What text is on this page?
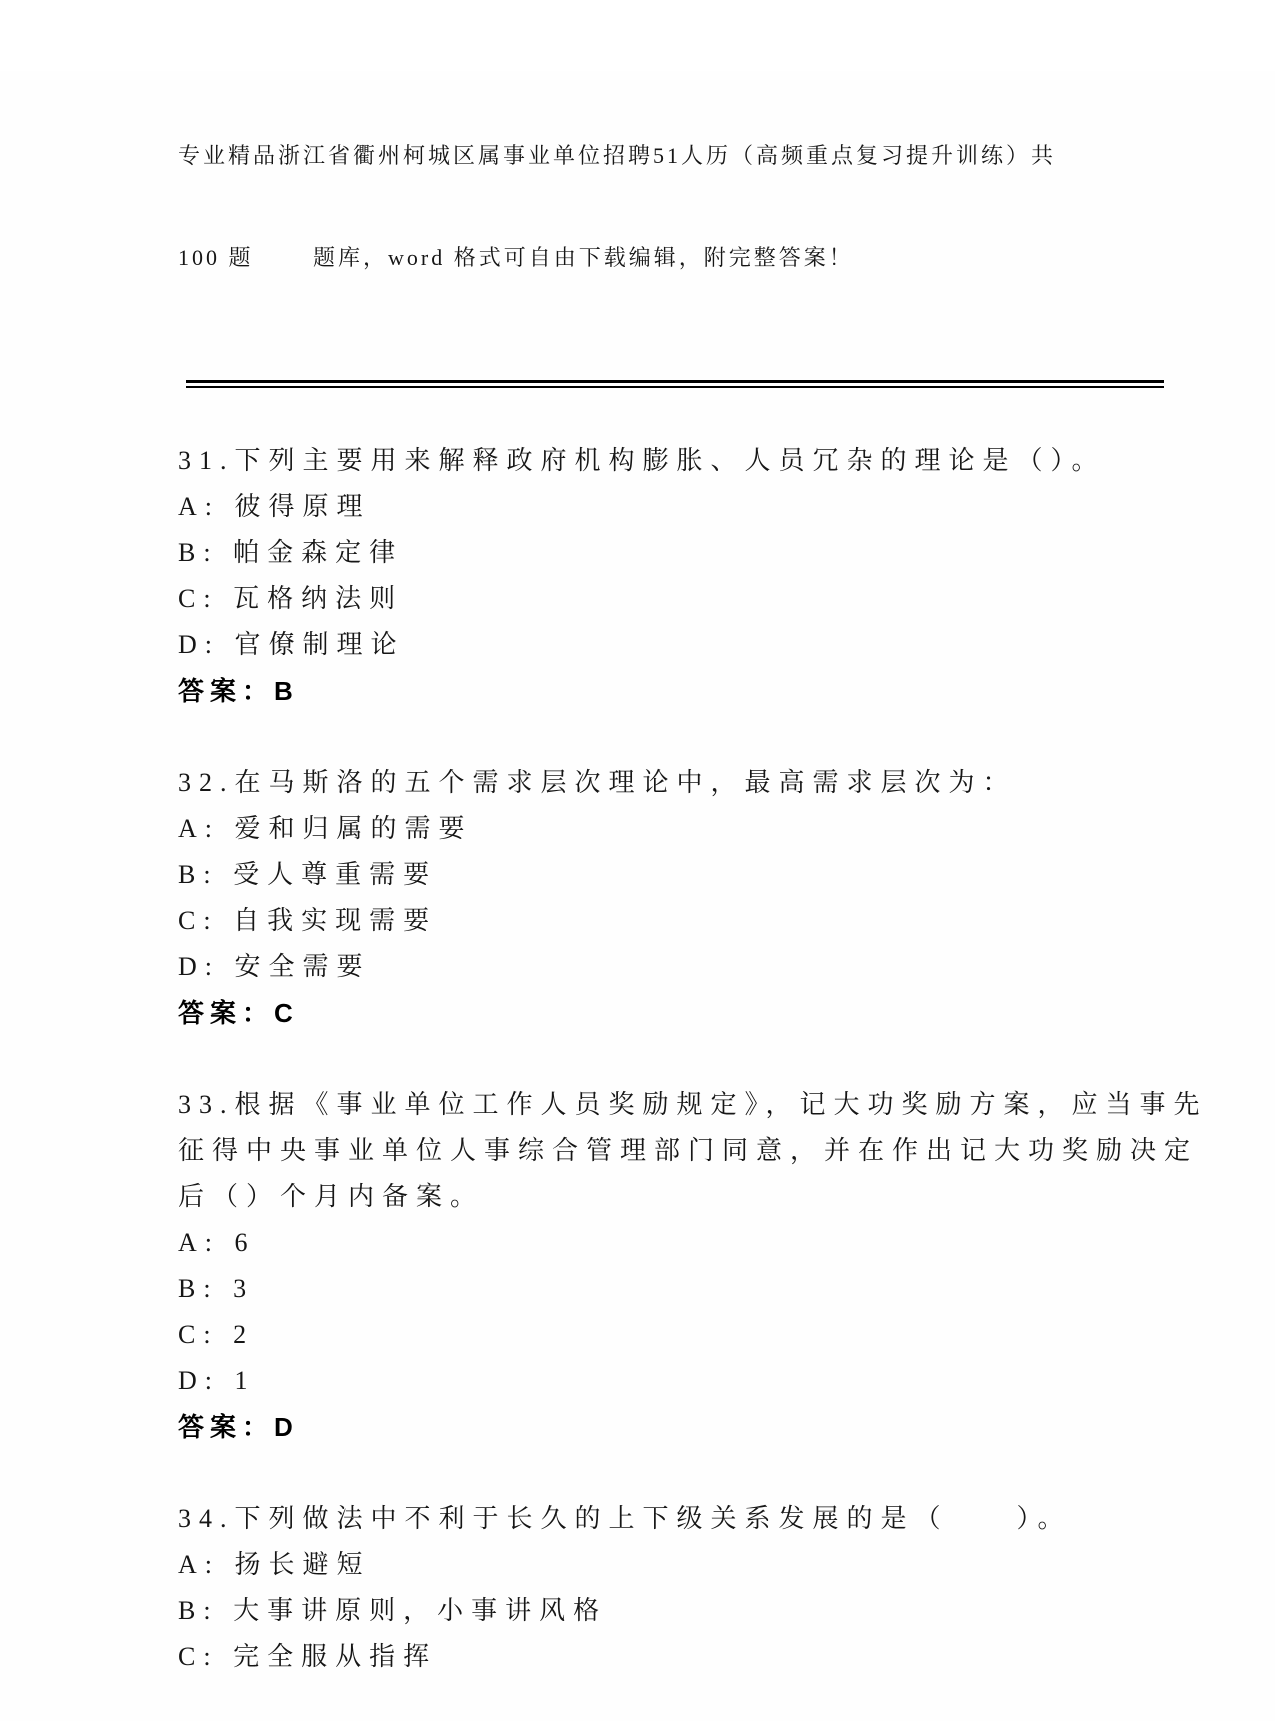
专业精品浙江省衢州柯城区属事业单位招聘51人历（高频重点复习提升训练）共

100 题       题库，word 格式可自由下载编辑，附完整答案！

31.下列主要用来解释政府机构膨胀、人员冗杂的理论是（）。
A: 彼得原理
B: 帕金森定律
C: 瓦格纳法则
D: 官僚制理论
答案：B
32.在马斯洛的五个需求层次理论中，最高需求层次为：
A: 爱和归属的需要
B: 受人尊重需要
C: 自我实现需要
D: 安全需要
答案：C
33.根据《事业单位工作人员奖励规定》，记大功奖励方案，应当事先
征得中央事业单位人事综合管理部门同意，并在作出记大功奖励决定
后（）个月内备案。
A: 6
B: 3
C: 2
D: 1
答案：D
34.下列做法中不利于长久的上下级关系发展的是（　　）。
A: 扬长避短
B: 大事讲原则，小事讲风格
C: 完全服从指挥
